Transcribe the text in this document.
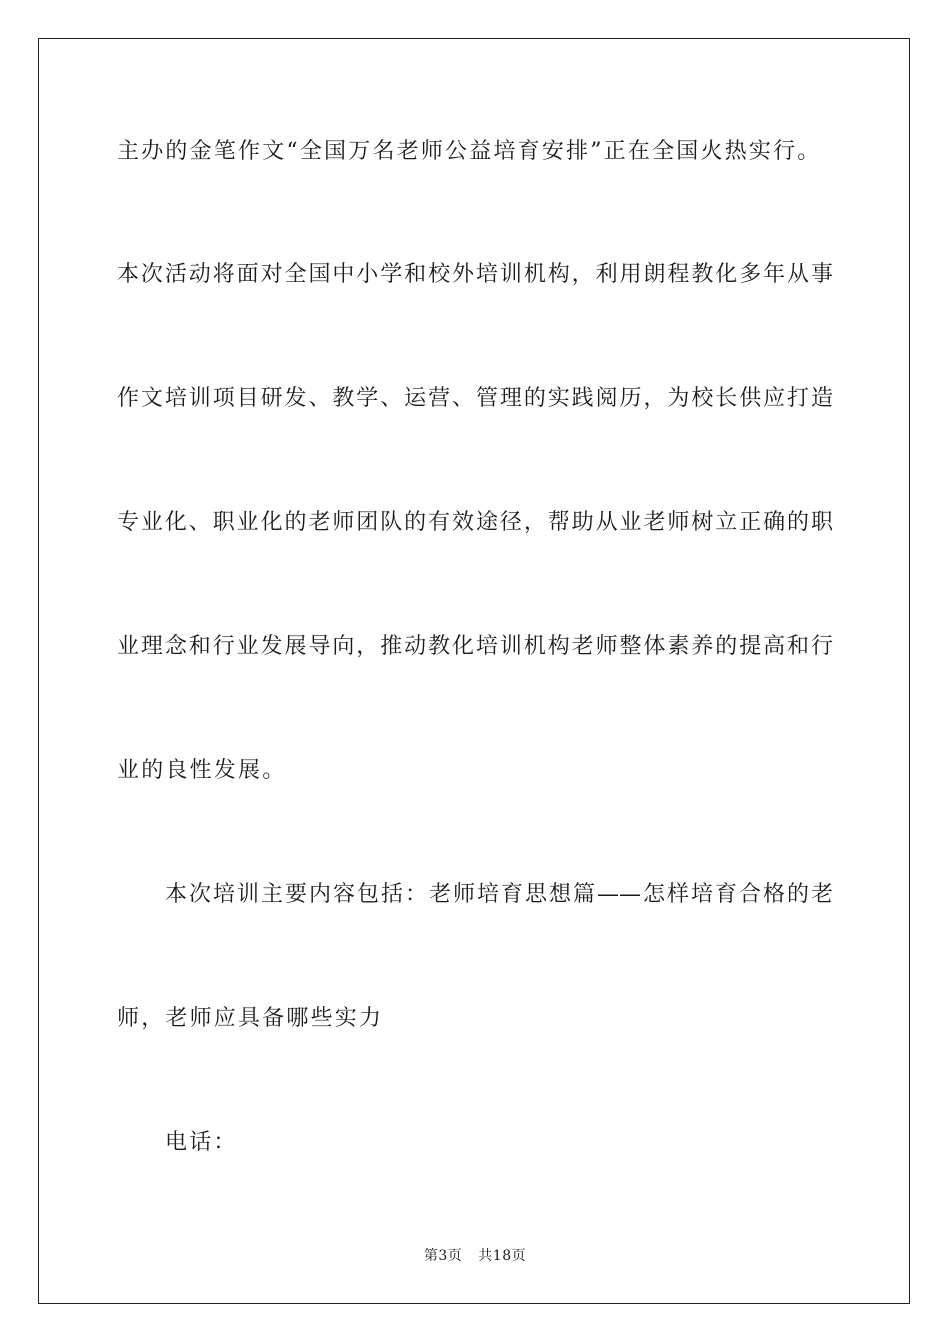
主办的金笔作文“全国万名老师公益培育安排”正在全国火热实行。
本次活动将面对全国中小学和校外培训机构，利用朗程教化多年从事
作文培训项目研发、教学、运营、管理的实践阅历，为校长供应打造
专业化、职业化的老师团队的有效途径，帮助从业老师树立正确的职
业理念和行业发展导向，推动教化培训机构老师整体素养的提高和行
业的良性发展。
本次培训主要内容包括：老师培育思想篇——怎样培育合格的老
师，老师应具备哪些实力
电话：
第3页 共18页
